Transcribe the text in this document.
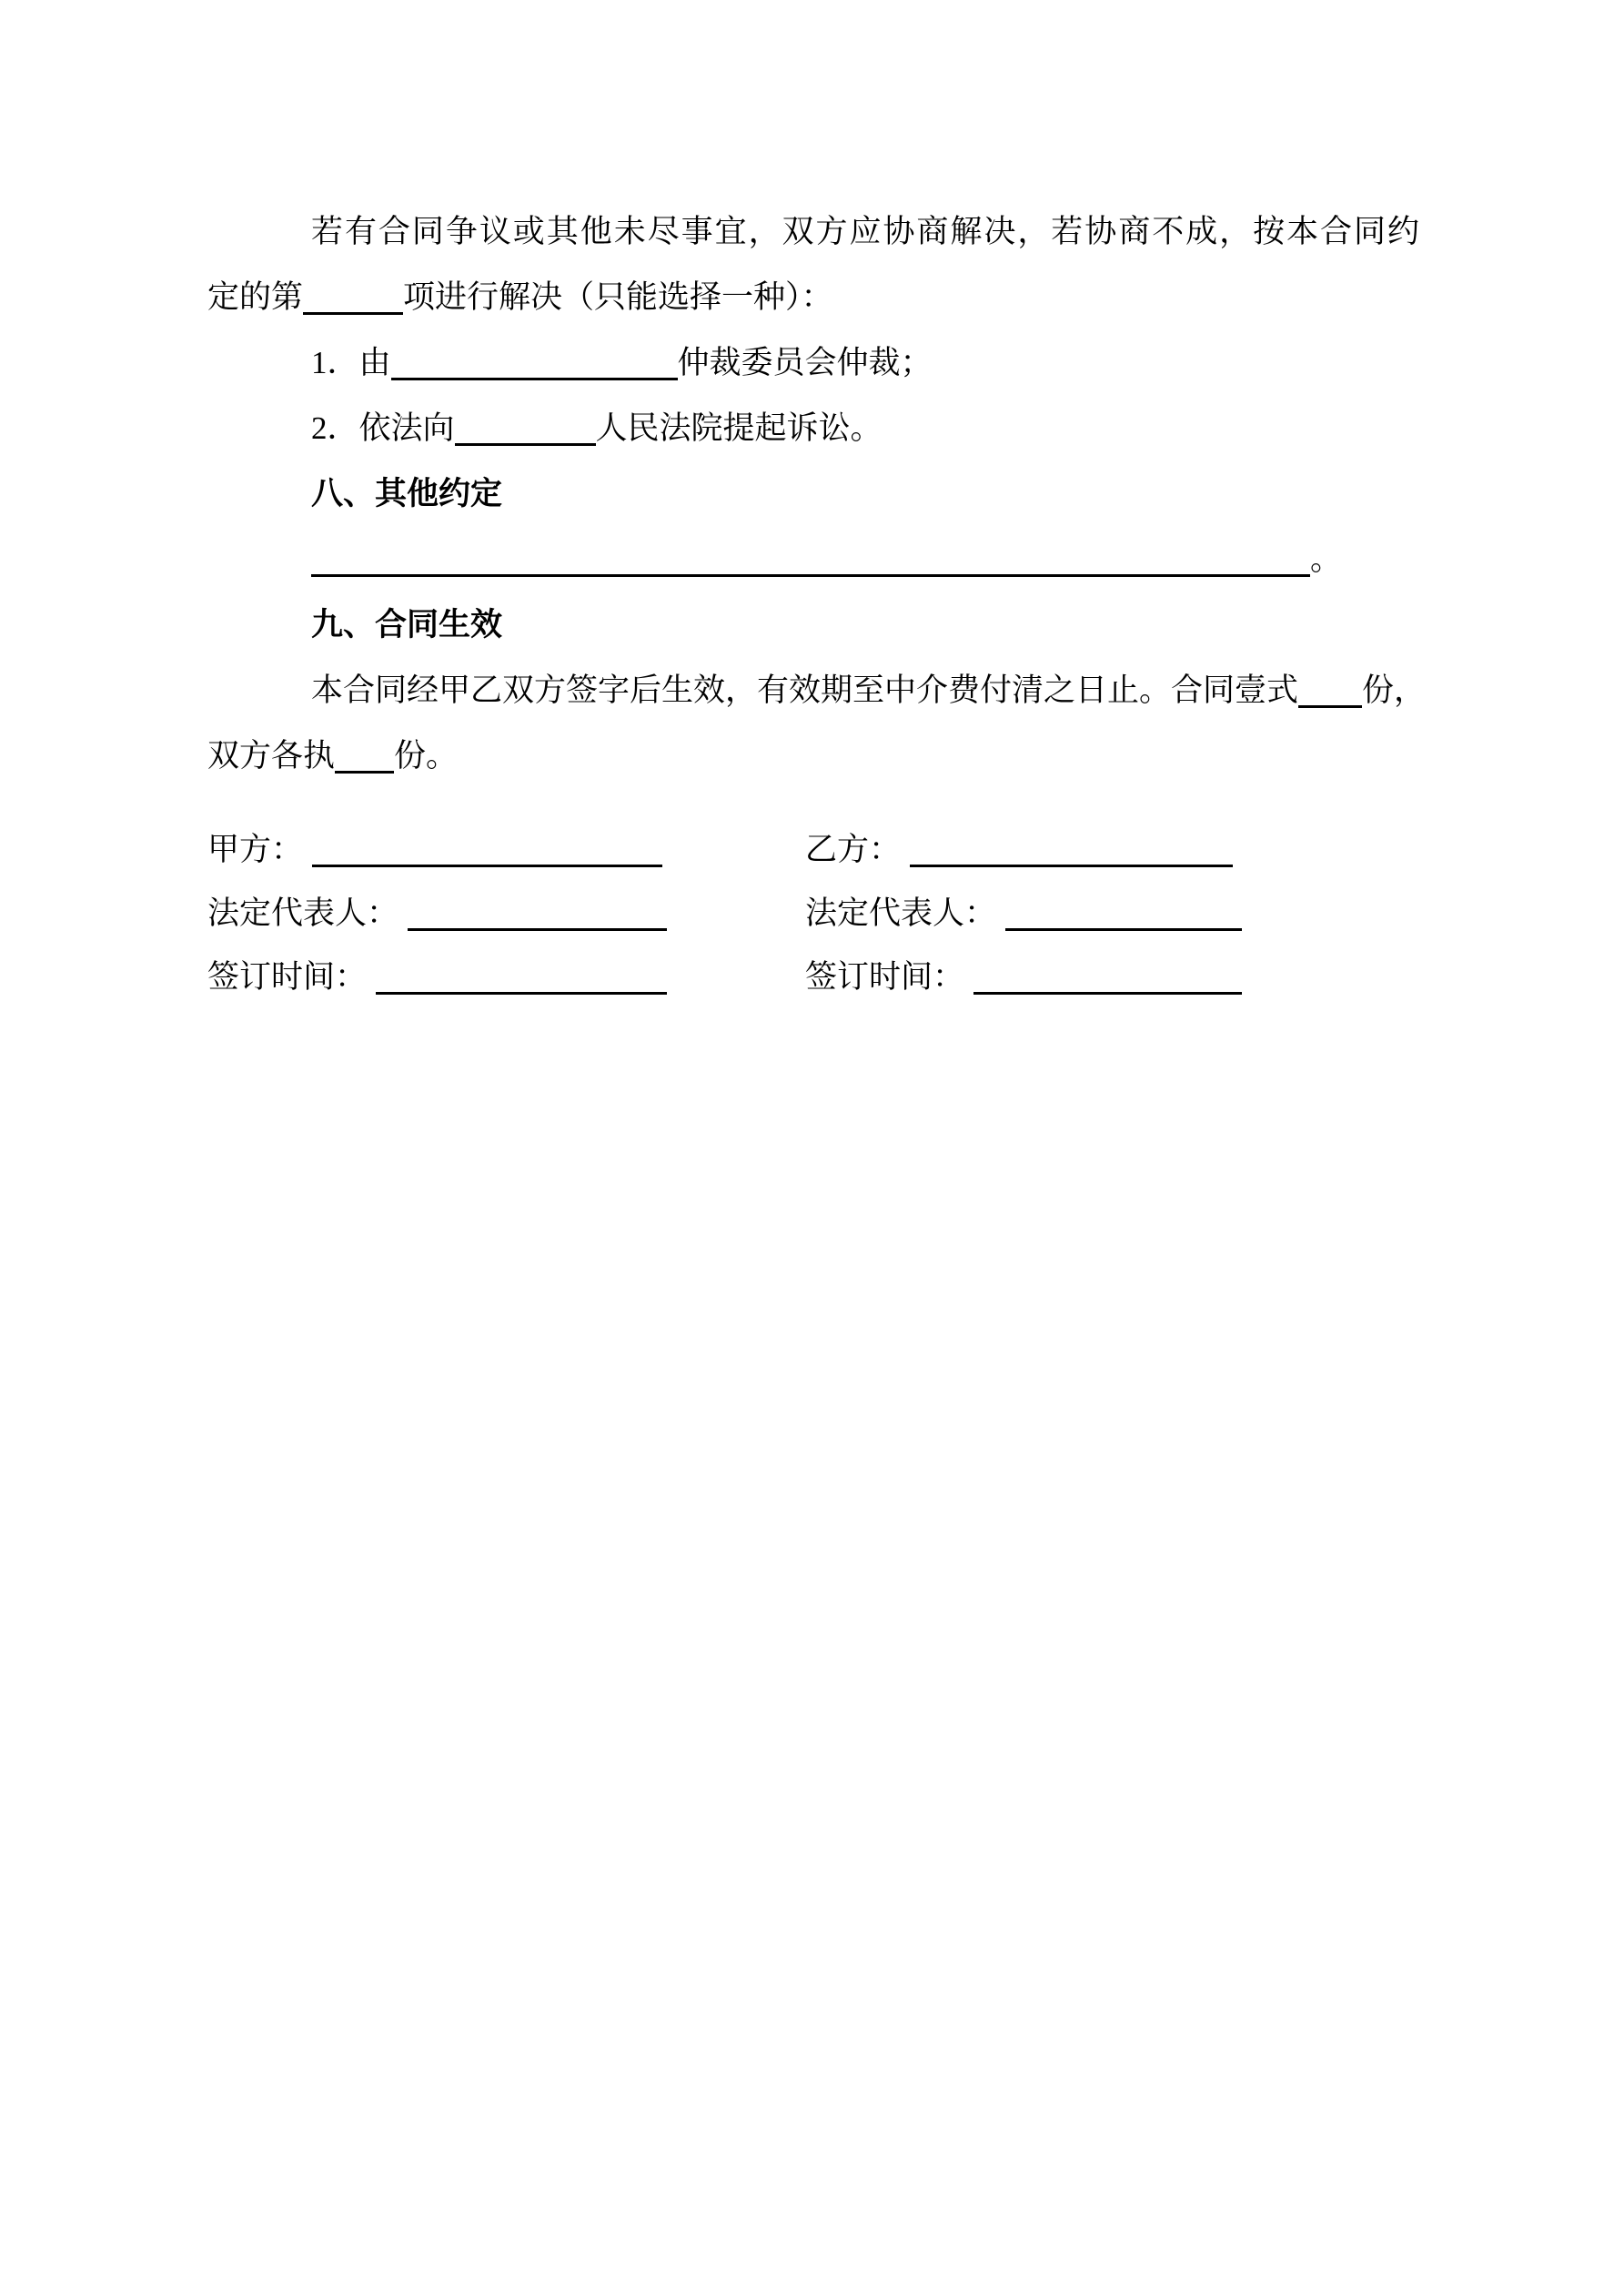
若有合同争议或其他未尽事宜，双方应协商解决，若协商不成，按本合同约
定的第	项进行解决（只能选择一种）：
1．由	仲裁委员会仲裁；
2．依法向	人民法院提起诉讼。
八、其他约定
。
九、合同生效
本合同经甲乙双方签字后生效，有效期至中介费付清之日止。合同壹式 份，
双方各执 份。
甲方：	乙方：
法定代表人：	法定代表人：
签订时间：	签订时间：
